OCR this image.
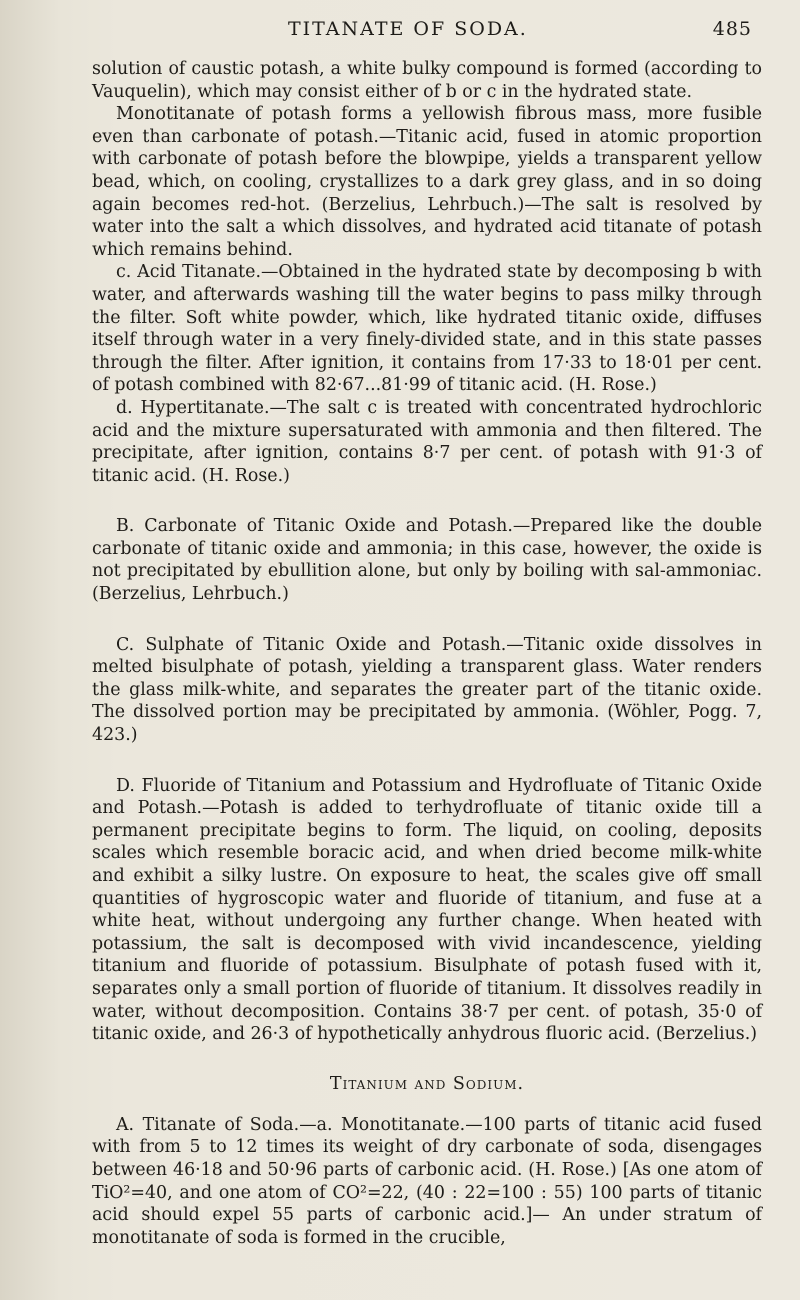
TITANATE OF SODA.	485

solution of caustic potash, a white bulky compound is formed (according to Vauquelin), which may consist either of b or c in the hydrated state.

Monotitanate of potash forms a yellowish fibrous mass, more fusible even than carbonate of potash.—Titanic acid, fused in atomic proportion with carbonate of potash before the blowpipe, yields a transparent yellow bead, which, on cooling, crystallizes to a dark grey glass, and in so doing again becomes red-hot. (Berzelius, Lehrbuch.)—The salt is resolved by water into the salt a which dissolves, and hydrated acid titanate of potash which remains behind.

c. Acid Titanate.—Obtained in the hydrated state by decomposing b with water, and afterwards washing till the water begins to pass milky through the filter. Soft white powder, which, like hydrated titanic oxide, diffuses itself through water in a very finely-divided state, and in this state passes through the filter. After ignition, it contains from 17·33 to 18·01 per cent. of potash combined with 82·67...81·99 of titanic acid. (H. Rose.)

d. Hypertitanate.—The salt c is treated with concentrated hydrochloric acid and the mixture supersaturated with ammonia and then filtered. The precipitate, after ignition, contains 8·7 per cent. of potash with 91·3 of titanic acid. (H. Rose.)

B. Carbonate of Titanic Oxide and Potash.—Prepared like the double carbonate of titanic oxide and ammonia; in this case, however, the oxide is not precipitated by ebullition alone, but only by boiling with sal-ammoniac. (Berzelius, Lehrbuch.)

C. Sulphate of Titanic Oxide and Potash.—Titanic oxide dissolves in melted bisulphate of potash, yielding a transparent glass. Water renders the glass milk-white, and separates the greater part of the titanic oxide. The dissolved portion may be precipitated by ammonia. (Wöhler, Pogg. 7, 423.)

D. Fluoride of Titanium and Potassium and Hydrofluate of Titanic Oxide and Potash.—Potash is added to terhydrofluate of titanic oxide till a permanent precipitate begins to form. The liquid, on cooling, deposits scales which resemble boracic acid, and when dried become milk-white and exhibit a silky lustre. On exposure to heat, the scales give off small quantities of hygroscopic water and fluoride of titanium, and fuse at a white heat, without undergoing any further change. When heated with potassium, the salt is decomposed with vivid incandescence, yielding titanium and fluoride of potassium. Bisulphate of potash fused with it, separates only a small portion of fluoride of titanium. It dissolves readily in water, without decomposition. Contains 38·7 per cent. of potash, 35·0 of titanic oxide, and 26·3 of hypothetically anhydrous fluoric acid. (Berzelius.)

Titanium and Sodium.

A. Titanate of Soda.—a. Monotitanate.—100 parts of titanic acid fused with from 5 to 12 times its weight of dry carbonate of soda, disengages between 46·18 and 50·96 parts of carbonic acid. (H. Rose.) [As one atom of TiO²=40, and one atom of CO²=22, (40 : 22=100 : 55) 100 parts of titanic acid should expel 55 parts of carbonic acid.]— An under stratum of monotitanate of soda is formed in the crucible,
